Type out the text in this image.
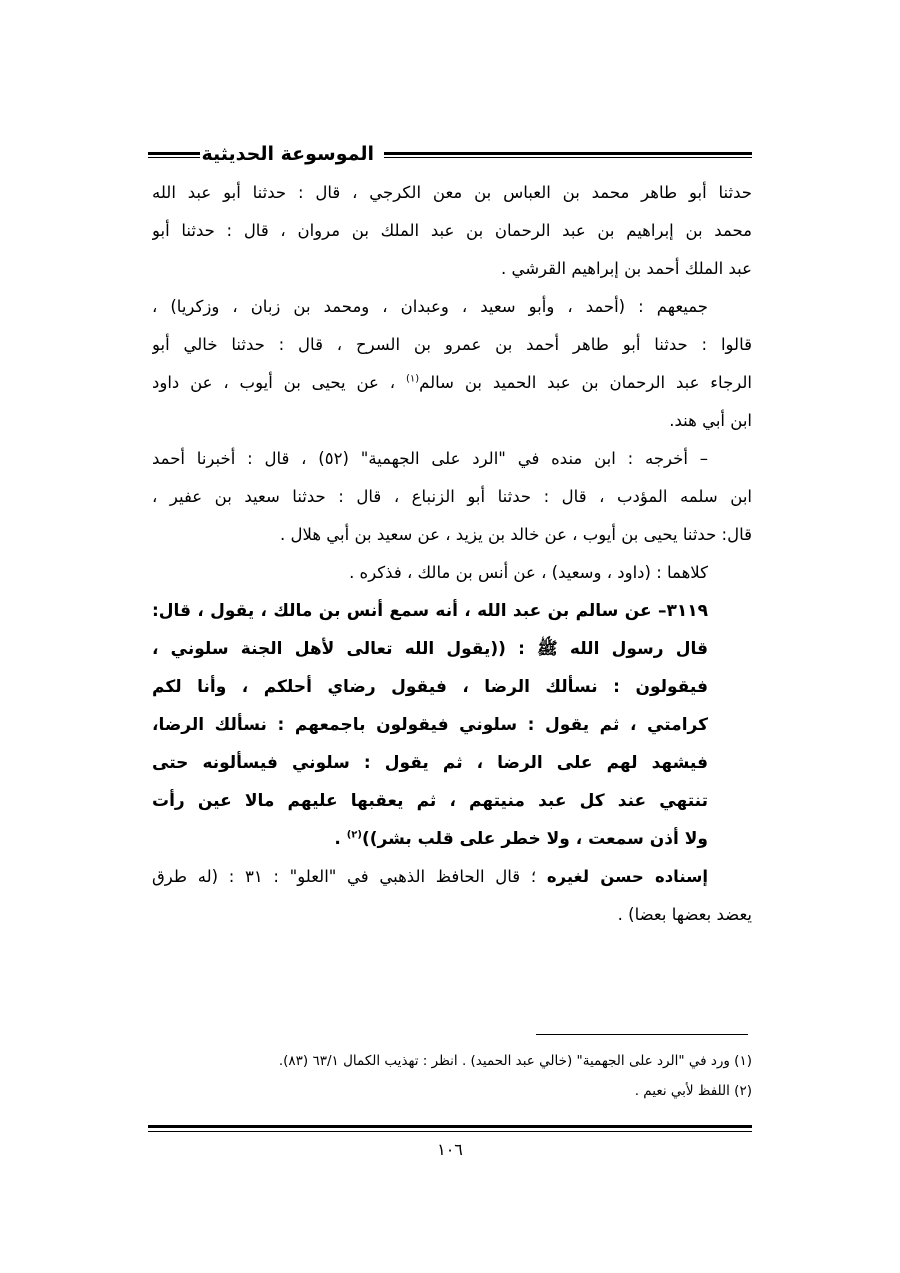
الموسوعة الحديثية
حدثنا أبو طاهر محمد بن العباس بن معن الكرجي ، قال : حدثنا أبو عبد الله
محمد بن إبراهيم بن عبد الرحمان بن عبد الملك بن مروان ، قال : حدثنا أبو
عبد الملك أحمد بن إبراهيم القرشي .
جميعهم : (أحمد ، وأبو سعيد ، وعبدان ، ومحمد بن زبان ، وزكريا) ،
قالوا : حدثنا أبو طاهر أحمد بن عمرو بن السرح ، قال : حدثنا خالي أبو
الرجاء عبد الرحمان بن عبد الحميد بن سالم$^{(١)}$ ، عن يحيى بن أيوب ، عن داود
ابن أبي هند.
– أخرجه : ابن منده في "الرد على الجهمية" (٥٢) ، قال : أخبرنا أحمد
ابن سلمه المؤدب ، قال : حدثنا أبو الزنباع ، قال : حدثنا سعيد بن عفير ،
قال: حدثنا يحيى بن أيوب ، عن خالد بن يزيد ، عن سعيد بن أبي هلال .
كلاهما : (داود ، وسعيد) ، عن أنس بن مالك ، فذكره .
٣١١٩– عن سالم بن عبد الله ، أنه سمع أنس بن مالك ، يقول ، قال:
قال رسول الله ﷺ : ((يقول الله تعالى لأهل الجنة سلوني ،
فيقولون : نسألك الرضا ، فيقول رضاي أحلكم ، وأنا لكم
كرامتي ، ثم يقول : سلوني فيقولون باجمعهم : نسألك الرضا،
فيشهد لهم على الرضا ، ثم يقول : سلوني فيسألونه حتى
تنتهي عند كل عبد منيتهم ، ثم يعقبها عليهم مالا عين رأت
ولا أذن سمعت ، ولا خطر على قلب بشر))$^{(٢)}$ .
إسناده حسن لغيره ؛ قال الحافظ الذهبي في "العلو" : ٣١ : (له طرق
يعضد بعضها بعضا) .
(١) ورد في "الرد على الجهمية" (خالي عبد الحميد) . انظر : تهذيب الكمال ٦٣/١ (٨٣).
(٢) اللفظ لأبي نعيم .
١٠٦
